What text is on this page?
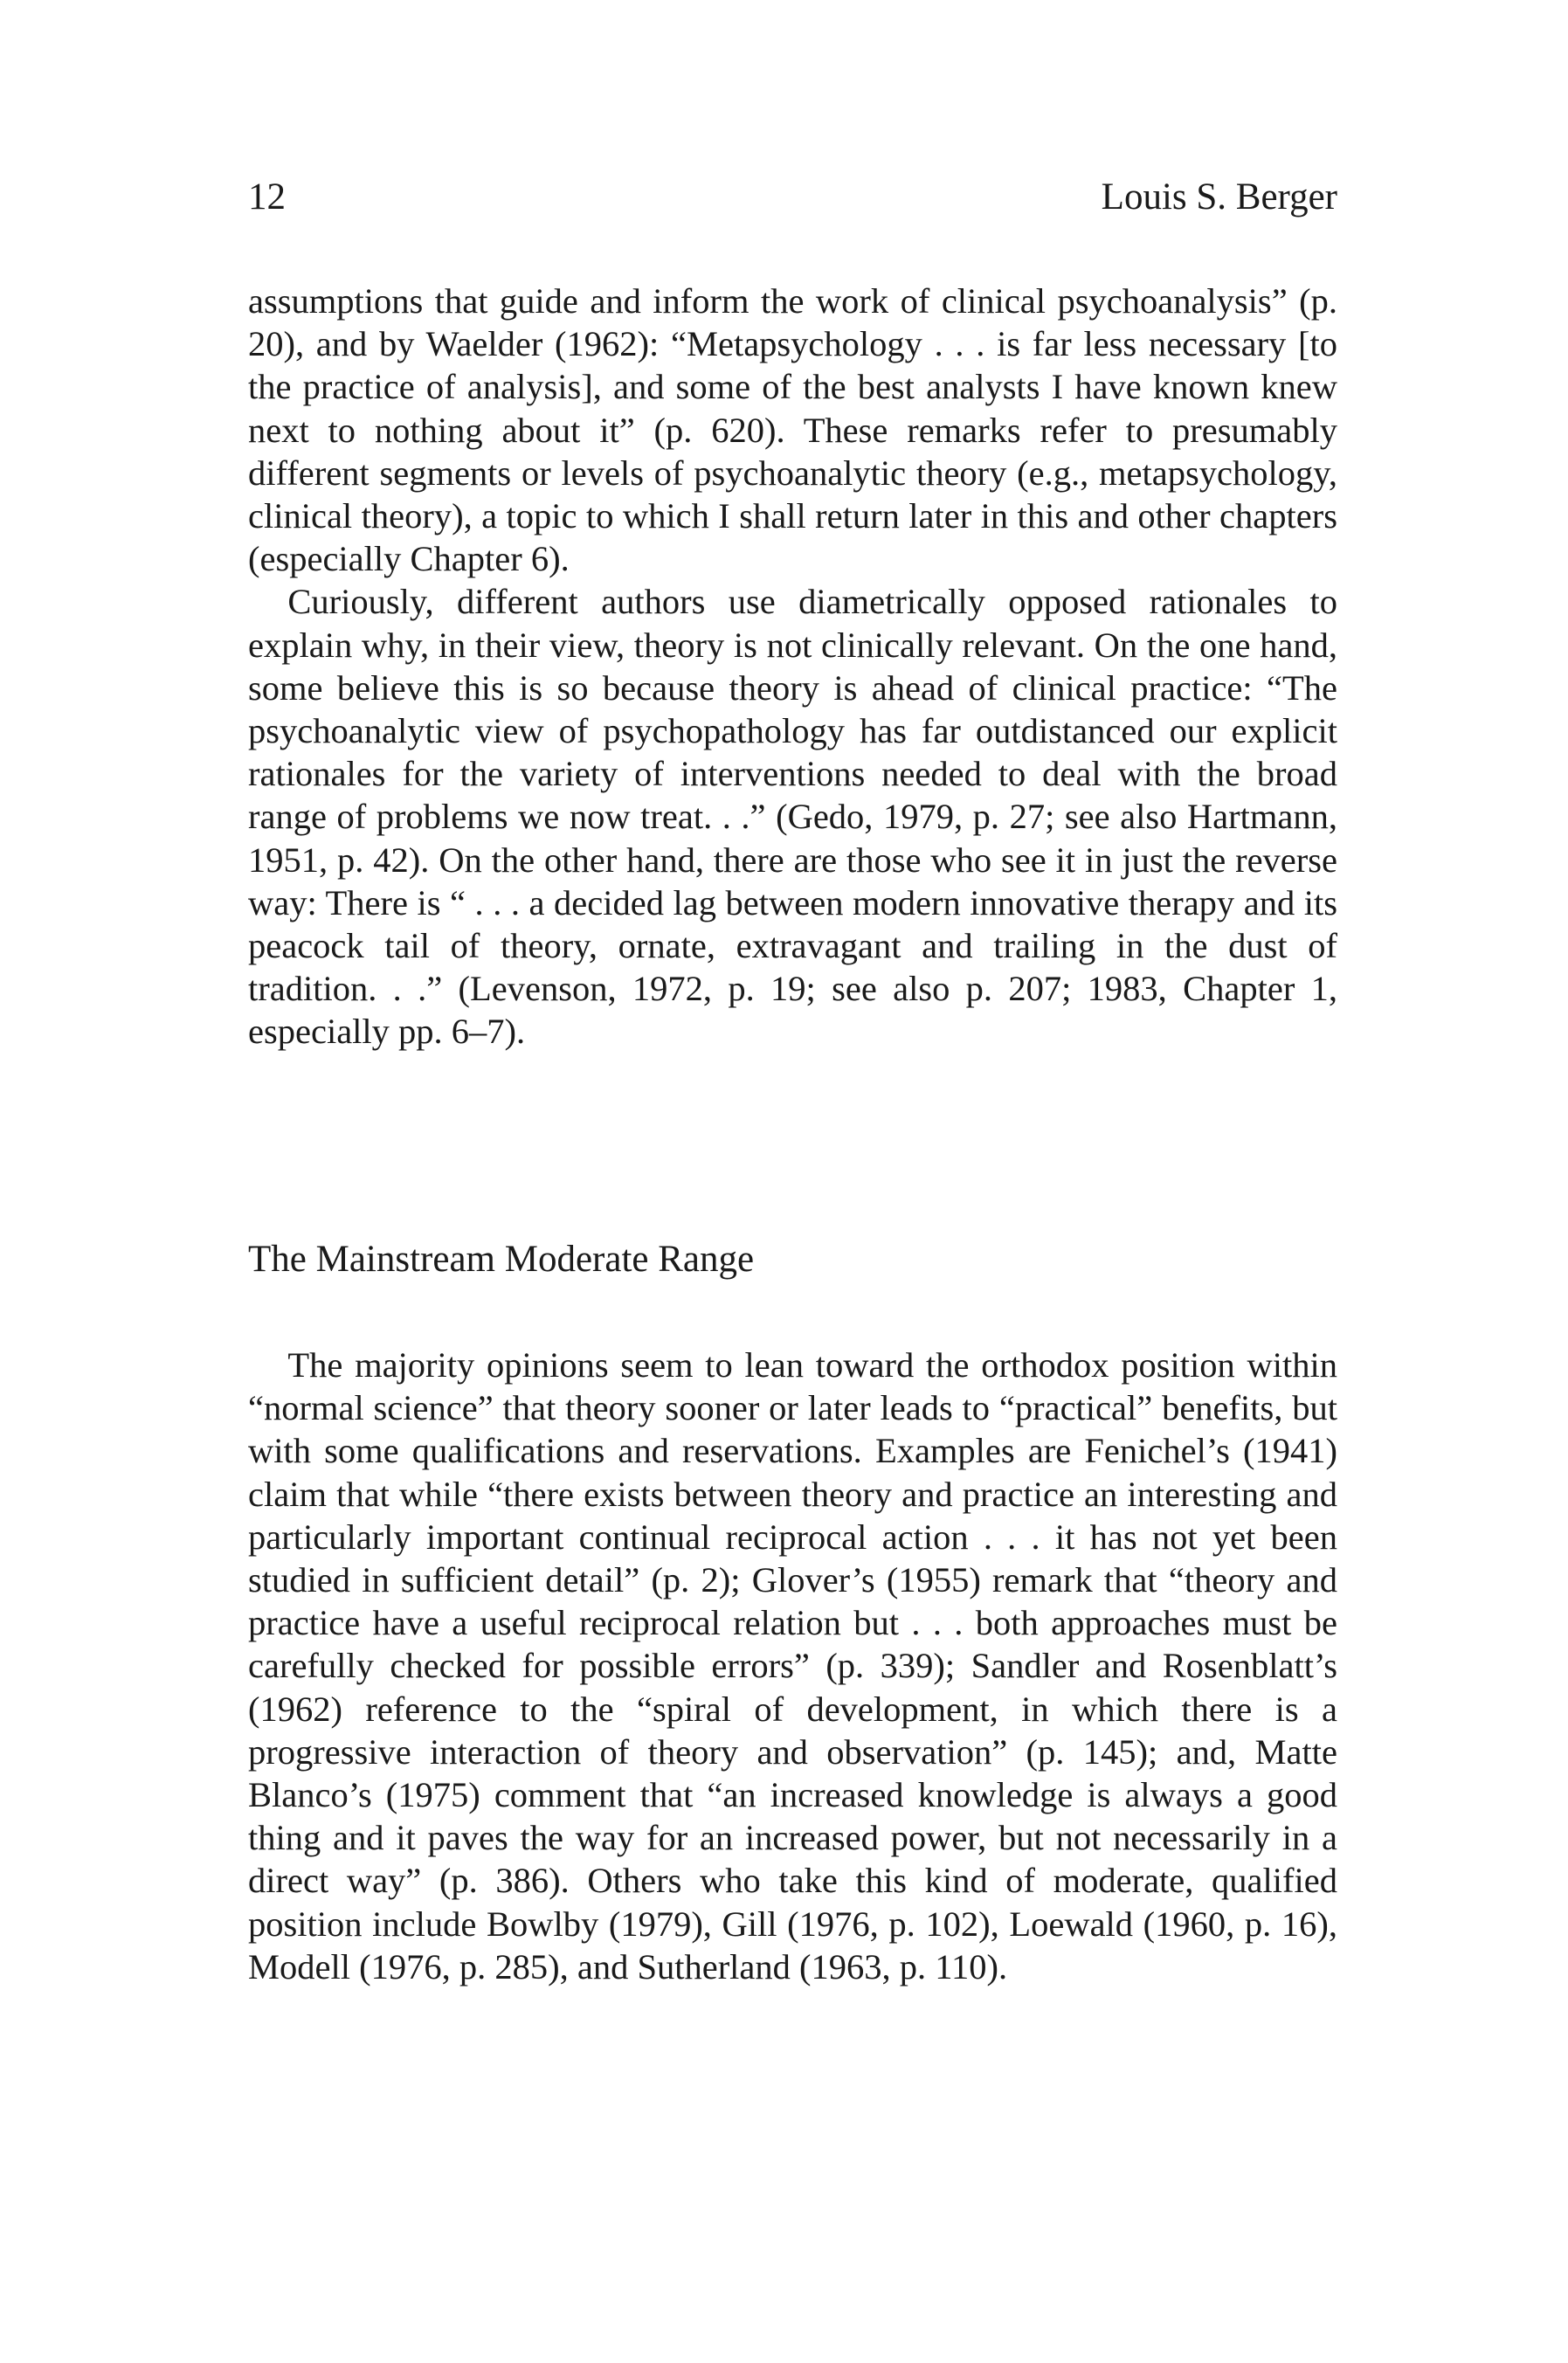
12	Louis S. Berger

assumptions that guide and inform the work of clinical psychoanalysis” (p. 20), and by Waelder (1962): “Metapsychology . . . is far less necessary [to the practice of analysis], and some of the best analysts I have known knew next to nothing about it” (p. 620). These remarks refer to presumably different segments or levels of psychoanalytic theory (e.g., metapsychology, clinical theory), a topic to which I shall return later in this and other chapters (especially Chapter 6).

Curiously, different authors use diametrically opposed rationales to explain why, in their view, theory is not clinically relevant. On the one hand, some believe this is so because theory is ahead of clinical practice: “The psychoanalytic view of psychopathology has far outdistanced our explicit rationales for the variety of interventions needed to deal with the broad range of problems we now treat. . .” (Gedo, 1979, p. 27; see also Hartmann, 1951, p. 42). On the other hand, there are those who see it in just the reverse way: There is “ . . . a decided lag between modern innovative therapy and its peacock tail of theory, ornate, extravagant and trailing in the dust of tradition. . .” (Levenson, 1972, p. 19; see also p. 207; 1983, Chapter 1, especially pp. 6–7).

The Mainstream Moderate Range

The majority opinions seem to lean toward the orthodox position within “normal science” that theory sooner or later leads to “practical” benefits, but with some qualifications and reservations. Examples are Fenichel’s (1941) claim that while “there exists between theory and practice an interesting and particularly important continual reciprocal action . . . it has not yet been studied in sufficient detail” (p. 2); Glover’s (1955) remark that “theory and practice have a useful reciprocal relation but . . . both approaches must be carefully checked for possible errors” (p. 339); Sandler and Rosenblatt’s (1962) reference to the “spiral of development, in which there is a progressive interaction of theory and observation” (p. 145); and, Matte Blanco’s (1975) comment that “an increased knowledge is always a good thing and it paves the way for an increased power, but not necessarily in a direct way” (p. 386). Others who take this kind of moderate, qualified position include Bowlby (1979), Gill (1976, p. 102), Loewald (1960, p. 16), Modell (1976, p. 285), and Sutherland (1963, p. 110).
